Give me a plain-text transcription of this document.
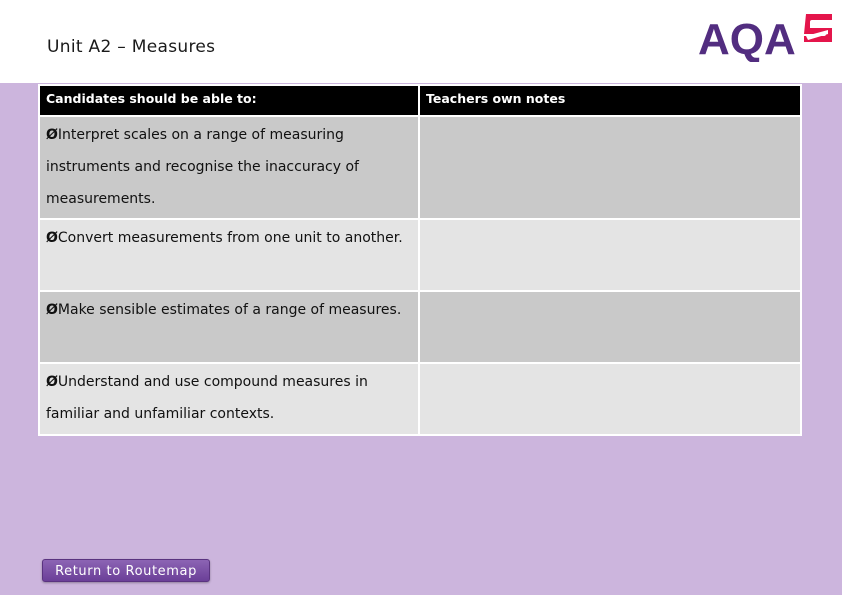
Unit A2 – Measures	AQA
Candidates should be able to:	Teachers own notes

ØInterpret scales on a range of measuring instruments and recognise the inaccuracy of measurements.	

ØConvert measurements from one unit to another.	

ØMake sensible estimates of a range of measures.	

ØUnderstand and use compound measures in familiar and unfamiliar contexts.	

Return to Routemap
